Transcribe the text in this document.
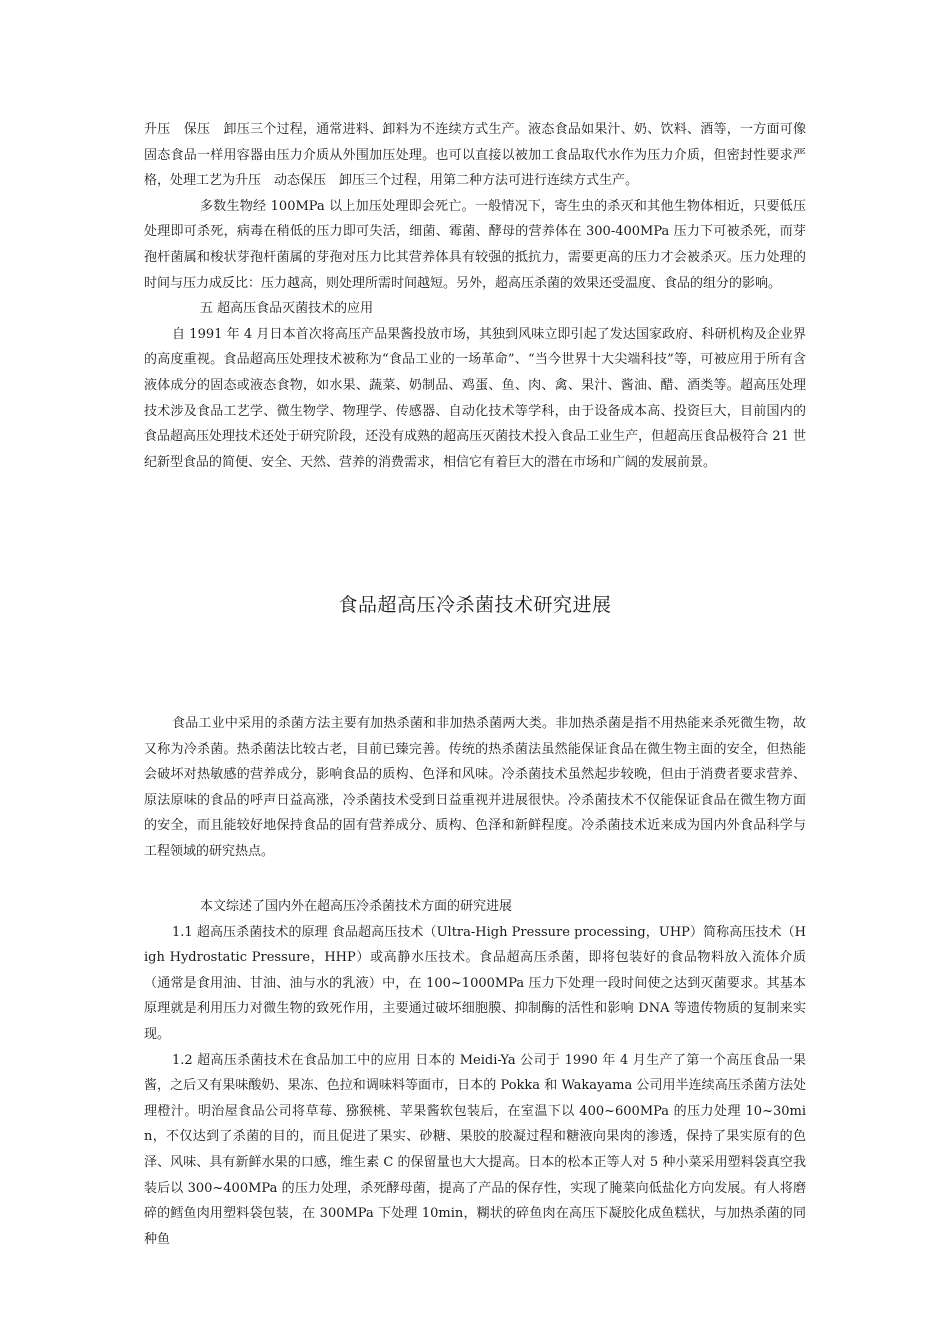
升压　保压　卸压三个过程，通常进料、卸料为不连续方式生产。液态食品如果汁、奶、饮料、酒等，一方面可像固态食品一样用容器由压力介质从外围加压处理。也可以直接以被加工食品取代水作为压力介质，但密封性要求严格，处理工艺为升压　动态保压　卸压三个过程，用第二种方法可进行连续方式生产。

多数生物经 100MPa 以上加压处理即会死亡。一般情况下，寄生虫的杀灭和其他生物体相近，只要低压处理即可杀死，病毒在稍低的压力即可失活，细菌、霉菌、酵母的营养体在 300-400MPa 压力下可被杀死，而芽孢杆菌属和梭状芽孢杆菌属的芽孢对压力比其营养体具有较强的抵抗力，需要更高的压力才会被杀灭。压力处理的时间与压力成反比：压力越高，则处理所需时间越短。另外，超高压杀菌的效果还受温度、食品的组分的影响。

五 超高压食品灭菌技术的应用

自 1991 年 4 月日本首次将高压产品果酱投放市场，其独到风味立即引起了发达国家政府、科研机构及企业界的高度重视。食品超高压处理技术被称为“食品工业的一场革命”、“当今世界十大尖端科技”等，可被应用于所有含液体成分的固态或液态食物，如水果、蔬菜、奶制品、鸡蛋、鱼、肉、禽、果汁、酱油、醋、酒类等。超高压处理技术涉及食品工艺学、微生物学、物理学、传感器、自动化技术等学科，由于设备成本高、投资巨大，目前国内的食品超高压处理技术还处于研究阶段，还没有成熟的超高压灭菌技术投入食品工业生产，但超高压食品极符合 21 世纪新型食品的简便、安全、天然、营养的消费需求，相信它有着巨大的潜在市场和广阔的发展前景。

食品超高压冷杀菌技术研究进展

食品工业中采用的杀菌方法主要有加热杀菌和非加热杀菌两大类。非加热杀菌是指不用热能来杀死微生物，故又称为冷杀菌。热杀菌法比较古老，目前已臻完善。传统的热杀菌法虽然能保证食品在微生物主面的安全，但热能会破坏对热敏感的营养成分，影响食品的质构、色泽和风味。冷杀菌技术虽然起步较晚，但由于消费者要求营养、原法原味的食品的呼声日益高涨，冷杀菌技术受到日益重视并进展很快。冷杀菌技术不仅能保证食品在微生物方面的安全，而且能较好地保持食品的固有营养成分、质构、色泽和新鲜程度。冷杀菌技术近来成为国内外食品科学与工程领域的研究热点。

本文综述了国内外在超高压冷杀菌技术方面的研究进展

1.1 超高压杀菌技术的原理 食品超高压技术（Ultra-High Pressure processing，UHP）简称高压技术（High Hydrostatic Pressure，HHP）或高静水压技术。食品超高压杀菌，即将包装好的食品物料放入流体介质（通常是食用油、甘油、油与水的乳液）中，在 100~1000MPa 压力下处理一段时间使之达到灭菌要求。其基本原理就是利用压力对微生物的致死作用，主要通过破坏细胞膜、抑制酶的活性和影响 DNA 等遗传物质的复制来实现。

1.2 超高压杀菌技术在食品加工中的应用 日本的 Meidi-Ya 公司于 1990 年 4 月生产了第一个高压食品一果酱，之后又有果味酸奶、果冻、色拉和调味料等面市，日本的 Pokka 和 Wakayama 公司用半连续高压杀菌方法处理橙汁。明治屋食品公司将草莓、猕猴桃、苹果酱软包装后，在室温下以 400~600MPa 的压力处理 10~30min，不仅达到了杀菌的目的，而且促进了果实、砂糖、果胶的胶凝过程和糖液向果肉的渗透，保持了果实原有的色泽、风味、具有新鲜水果的口感，维生素 C 的保留量也大大提高。日本的松本正等人对 5 种小菜采用塑料袋真空我装后以 300~400MPa 的压力处理，杀死酵母菌，提高了产品的保存性，实现了腌菜向低盐化方向发展。有人将磨碎的鳕鱼肉用塑料袋包装，在 300MPa 下处理 10min，糊状的碎鱼肉在高压下凝胶化成鱼糕状，与加热杀菌的同种鱼
